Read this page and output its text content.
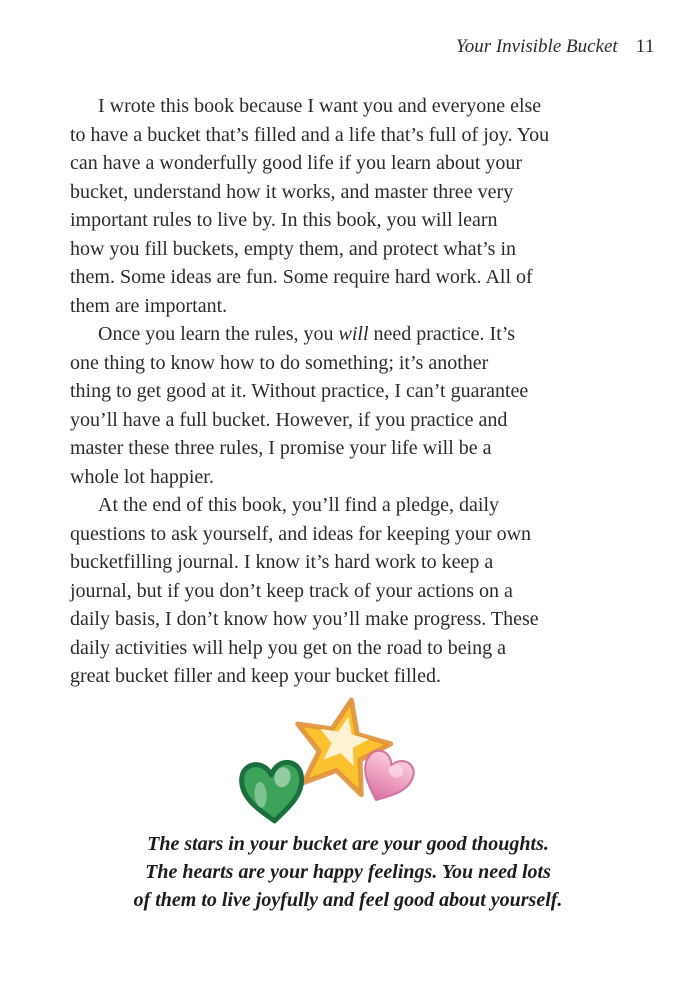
Your Invisible Bucket 11

I wrote this book because I want you and everyone else
to have a bucket that’s filled and a life that’s full of joy. You
can have a wonderfully good life if you learn about your
bucket, understand how it works, and master three very
important rules to live by. In this book, you will learn
how you fill buckets, empty them, and protect what’s in
them. Some ideas are fun. Some require hard work. All of
them are important.

Once you learn the rules, you will need practice. It’s
one thing to know how to do something; it’s another
thing to get good at it. Without practice, I can’t guarantee
you’ll have a full bucket. However, if you practice and
master these three rules, I promise your life will be a
whole lot happier.

At the end of this book, you’ll find a pledge, daily
questions to ask yourself, and ideas for keeping your own
bucketfilling journal. I know it’s hard work to keep a
journal, but if you don’t keep track of your actions on a
daily basis, I don’t know how you’ll make progress. These
daily activities will help you get on the road to being a
great bucket filler and keep your bucket filled.

The stars in your bucket are your good thoughts.
The hearts are your happy feelings. You need lots
of them to live joyfully and feel good about yourself.
